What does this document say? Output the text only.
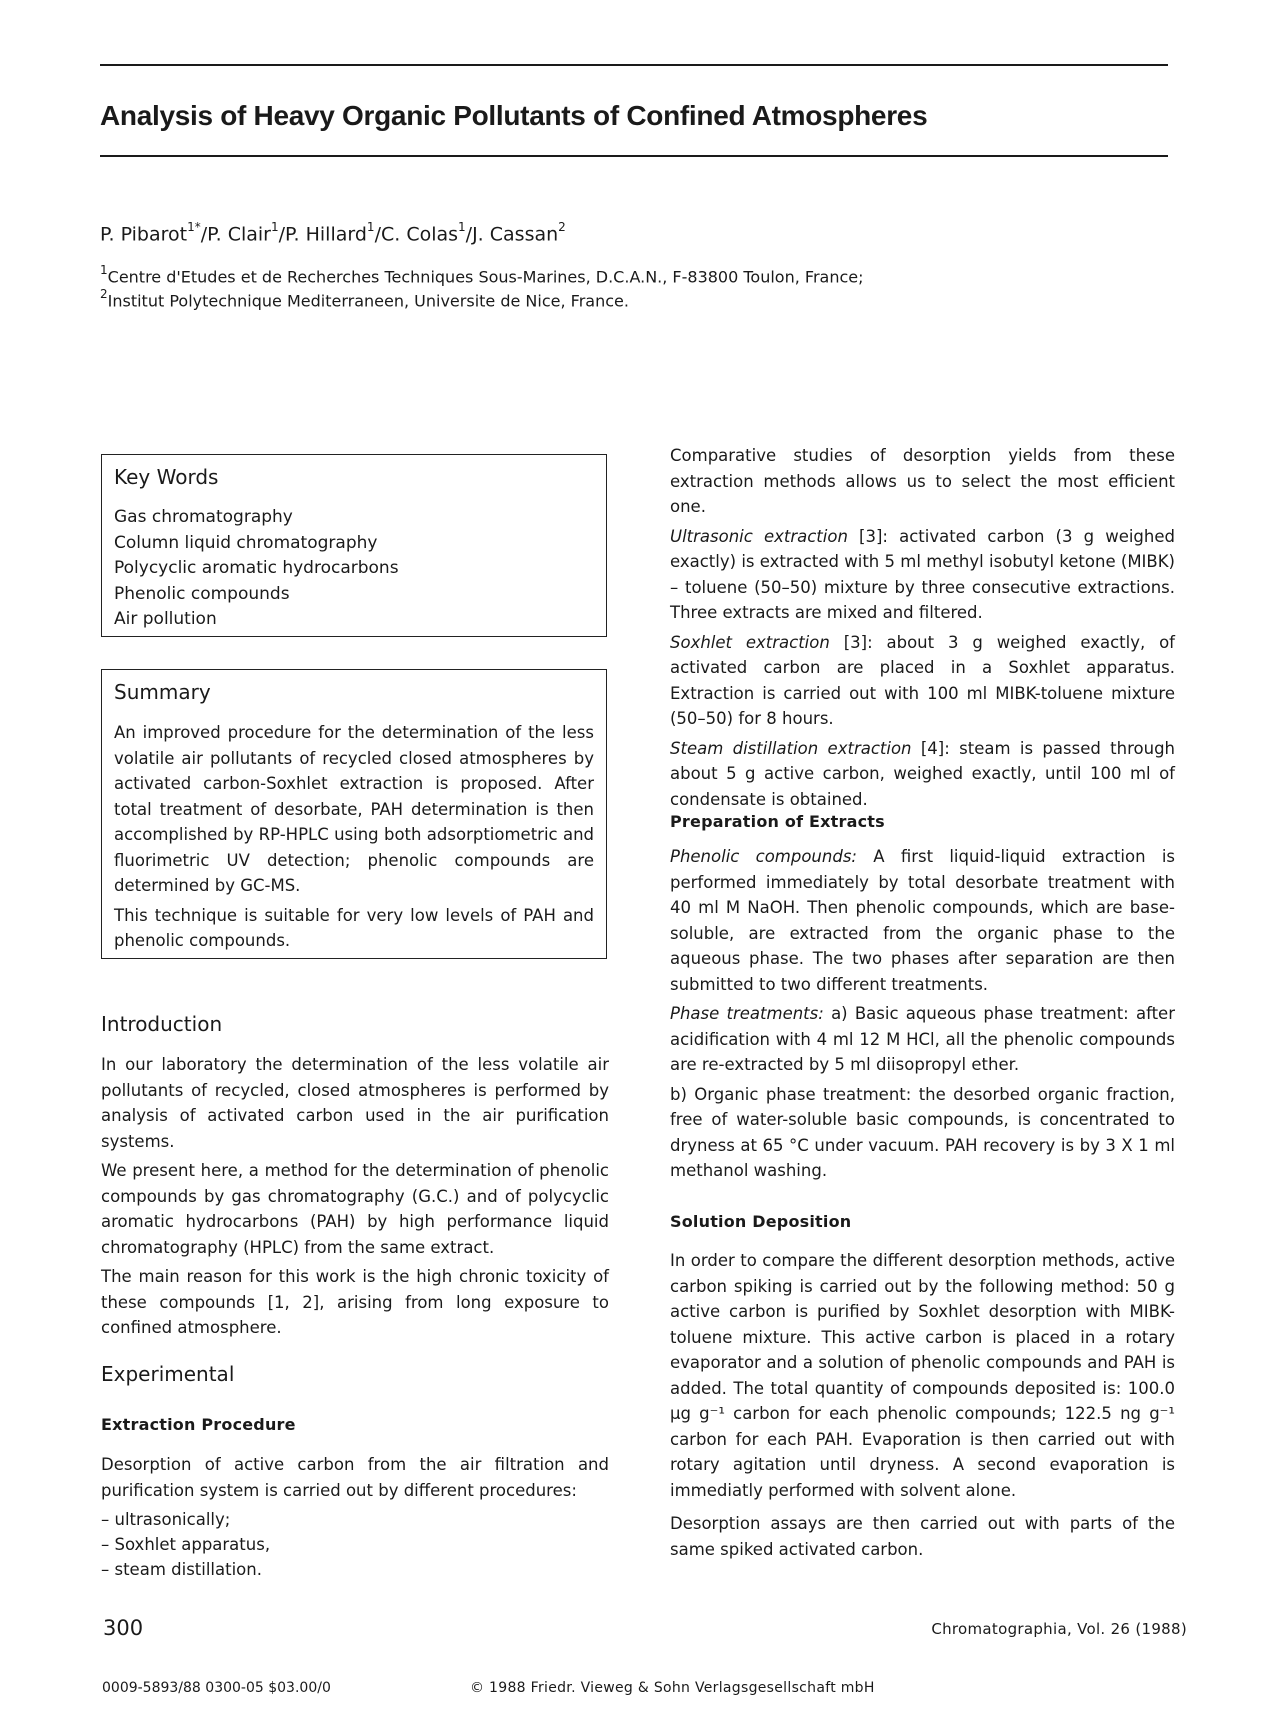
Analysis of Heavy Organic Pollutants of Confined Atmospheres

P. Pibarot$^{1*}$/P. Clair$^1$/P. Hillard$^1$/C. Colas$^1$/J. Cassan$^2$

$^1$Centre d'Etudes et de Recherches Techniques Sous-Marines, D.C.A.N., F-83800 Toulon, France;

$^2$Institut Polytechnique Mediterraneen, Universite de Nice, France.

Key Words
Gas chromatography
Column liquid chromatography
Polycyclic aromatic hydrocarbons
Phenolic compounds
Air pollution
Summary

An improved procedure for the determination of the less volatile air pollutants of recycled closed atmospheres by activated carbon-Soxhlet extraction is proposed. After total treatment of desorbate, PAH determination is then accomplished by RP-HPLC using both adsorptiometric and fluorimetric UV detection; phenolic compounds are determined by GC-MS.

This technique is suitable for very low levels of PAH and phenolic compounds.

Introduction

In our laboratory the determination of the less volatile air pollutants of recycled, closed atmospheres is performed by analysis of activated carbon used in the air purification systems.

We present here, a method for the determination of phenolic compounds by gas chromatography (G.C.) and of polycyclic aromatic hydrocarbons (PAH) by high performance liquid chromatography (HPLC) from the same extract.

The main reason for this work is the high chronic toxicity of these compounds [1, 2], arising from long exposure to confined atmosphere.

Experimental
Extraction Procedure

Desorption of active carbon from the air filtration and purification system is carried out by different procedures:

– ultrasonically;
– Soxhlet apparatus,
– steam distillation.

Comparative studies of desorption yields from these extraction methods allows us to select the most efficient one.

Ultrasonic extraction [3]: activated carbon (3 g weighed exactly) is extracted with 5 ml methyl isobutyl ketone (MIBK) – toluene (50–50) mixture by three consecutive extractions. Three extracts are mixed and filtered.

Soxhlet extraction [3]: about 3 g weighed exactly, of activated carbon are placed in a Soxhlet apparatus. Extraction is carried out with 100 ml MIBK-toluene mixture (50–50) for 8 hours.

Steam distillation extraction [4]: steam is passed through about 5 g active carbon, weighed exactly, until 100 ml of condensate is obtained.

Preparation of Extracts

Phenolic compounds: A first liquid-liquid extraction is performed immediately by total desorbate treatment with 40 ml M NaOH. Then phenolic compounds, which are base-soluble, are extracted from the organic phase to the aqueous phase. The two phases after separation are then submitted to two different treatments.

Phase treatments: a) Basic aqueous phase treatment: after acidification with 4 ml 12 M HCl, all the phenolic compounds are re-extracted by 5 ml diisopropyl ether.

b) Organic phase treatment: the desorbed organic fraction, free of water-soluble basic compounds, is concentrated to dryness at 65 °C under vacuum. PAH recovery is by 3 X 1 ml methanol washing.

Solution Deposition

In order to compare the different desorption methods, active carbon spiking is carried out by the following method: 50 g active carbon is purified by Soxhlet desorption with MIBK-toluene mixture. This active carbon is placed in a rotary evaporator and a solution of phenolic compounds and PAH is added. The total quantity of compounds deposited is: 100.0 µg g⁻¹ carbon for each phenolic compounds; 122.5 ng g⁻¹ carbon for each PAH. Evaporation is then carried out with rotary agitation until dryness. A second evaporation is immediatly performed with solvent alone.

Desorption assays are then carried out with parts of the same spiked activated carbon.

300	Chromatographia, Vol. 26 (1988)
0009-5893/88 0300-05 $03.00/0	© 1988 Friedr. Vieweg & Sohn Verlagsgesellschaft mbH
